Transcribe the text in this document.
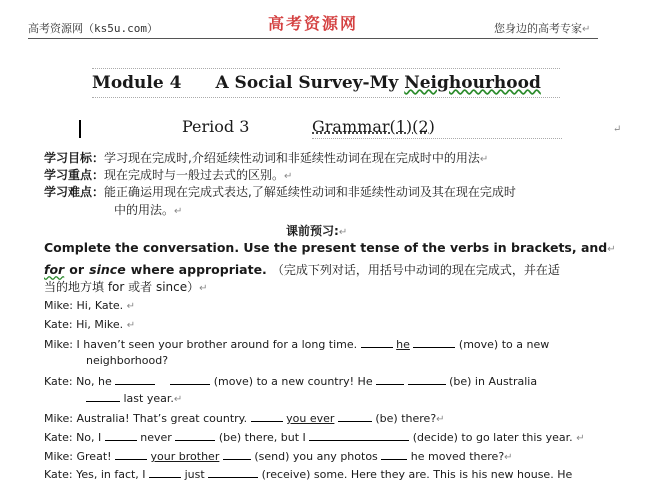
高考资源网（ks5u.com）	高考资源网	您身边的高考专家↵
Module 4 A Social Survey-My Neighourhood
Period 3	Grammar(1)(2)	↵
学习目标：学习现在完成时,介绍延续性动词和非延续性动词在现在完成时中的用法↵
学习重点：现在完成时与一般过去式的区别。↵
学习难点：能正确运用现在完成式表达,了解延续性动词和非延续性动词及其在现在完成时
中的用法。↵
课前预习:↵
Complete the conversation. Use the present tense of the verbs in brackets, and↵
for or since where appropriate. （完成下列对话，用括号中动词的现在完成式，并在适
当的地方填 for 或者 since）↵
Mike: Hi, Kate. ↵
Kate: Hi, Mike. ↵
Mike: I haven’t seen your brother around for a long time.	he	(move) to a new
neighborhood?
Kate: No, he	(move) to a new country! He	(be) in Australia
last year.↵
Mike: Australia! That’s great country.	you ever	(be) there?↵
Kate: No, I	never	(be) there, but I	(decide) to go later this year. ↵
Mike: Great!	your brother	(send) you any photos	he moved there?↵
Kate: Yes, in fact, I	just	(receive) some. Here they are. This is his new house. He
